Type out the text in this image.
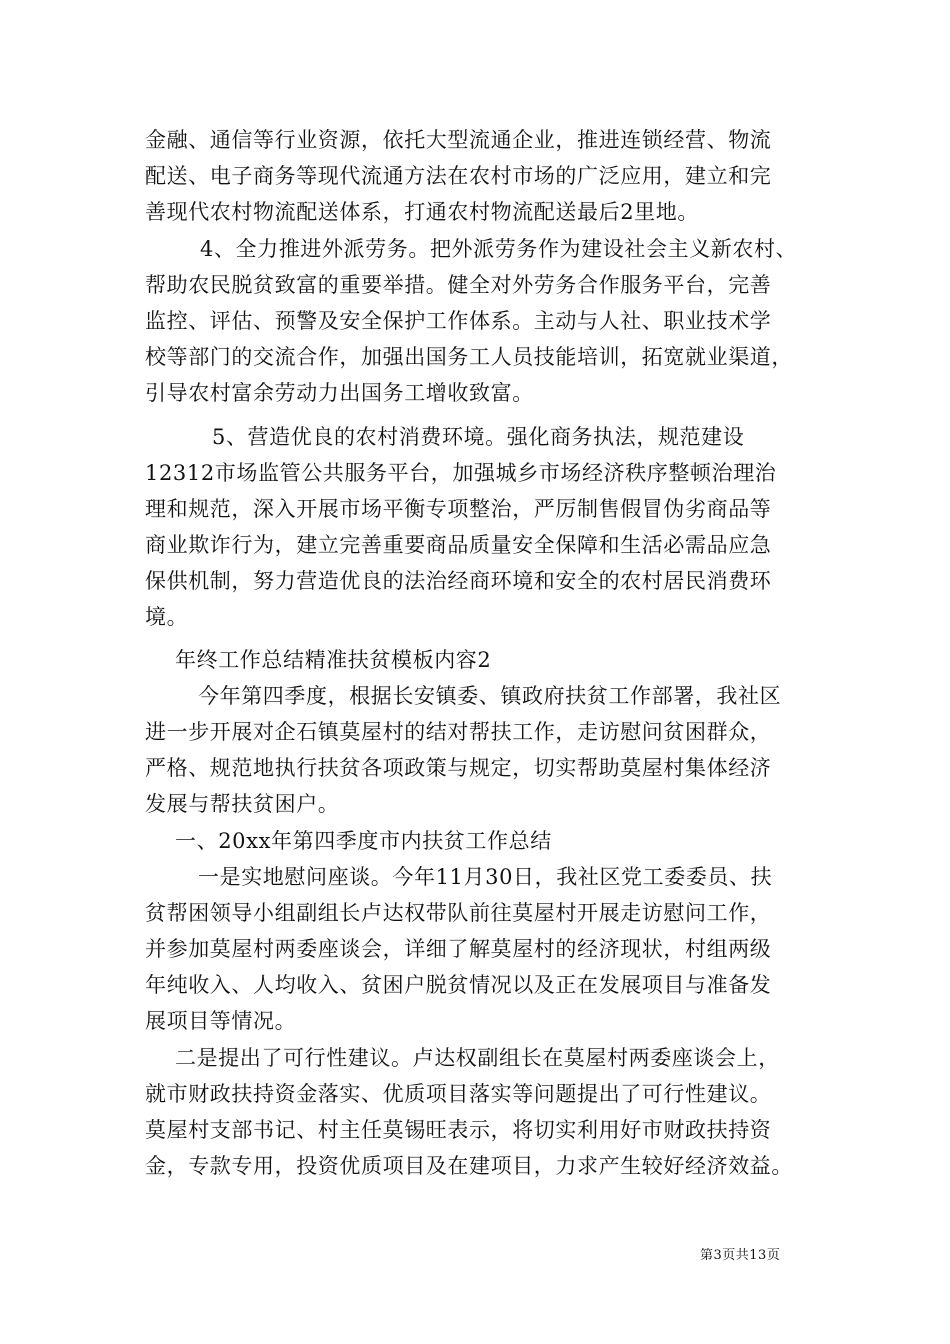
金融、通信等行业资源，依托大型流通企业，推进连锁经营、物流
配送、电子商务等现代流通方法在农村市场的广泛应用，建立和完
善现代农村物流配送体系，打通农村物流配送最后2里地。
4、全力推进外派劳务。把外派劳务作为建设社会主义新农村、
帮助农民脱贫致富的重要举措。健全对外劳务合作服务平台，完善
监控、评估、预警及安全保护工作体系。主动与人社、职业技术学
校等部门的交流合作，加强出国务工人员技能培训，拓宽就业渠道，
引导农村富余劳动力出国务工增收致富。
5、营造优良的农村消费环境。强化商务执法，规范建设
12312市场监管公共服务平台，加强城乡市场经济秩序整顿治理治
理和规范，深入开展市场平衡专项整治，严厉制售假冒伪劣商品等
商业欺诈行为，建立完善重要商品质量安全保障和生活必需品应急
保供机制，努力营造优良的法治经商环境和安全的农村居民消费环
境。
年终工作总结精准扶贫模板内容2
今年第四季度，根据长安镇委、镇政府扶贫工作部署，我社区
进一步开展对企石镇莫屋村的结对帮扶工作，走访慰问贫困群众，
严格、规范地执行扶贫各项政策与规定，切实帮助莫屋村集体经济
发展与帮扶贫困户。
一、20xx年第四季度市内扶贫工作总结
一是实地慰问座谈。今年11月30日，我社区党工委委员、扶
贫帮困领导小组副组长卢达权带队前往莫屋村开展走访慰问工作，
并参加莫屋村两委座谈会，详细了解莫屋村的经济现状，村组两级
年纯收入、人均收入、贫困户脱贫情况以及正在发展项目与准备发
展项目等情况。
二是提出了可行性建议。卢达权副组长在莫屋村两委座谈会上，
就市财政扶持资金落实、优质项目落实等问题提出了可行性建议。
莫屋村支部书记、村主任莫锡旺表示，将切实利用好市财政扶持资
金，专款专用，投资优质项目及在建项目，力求产生较好经济效益。
第3页共13页
